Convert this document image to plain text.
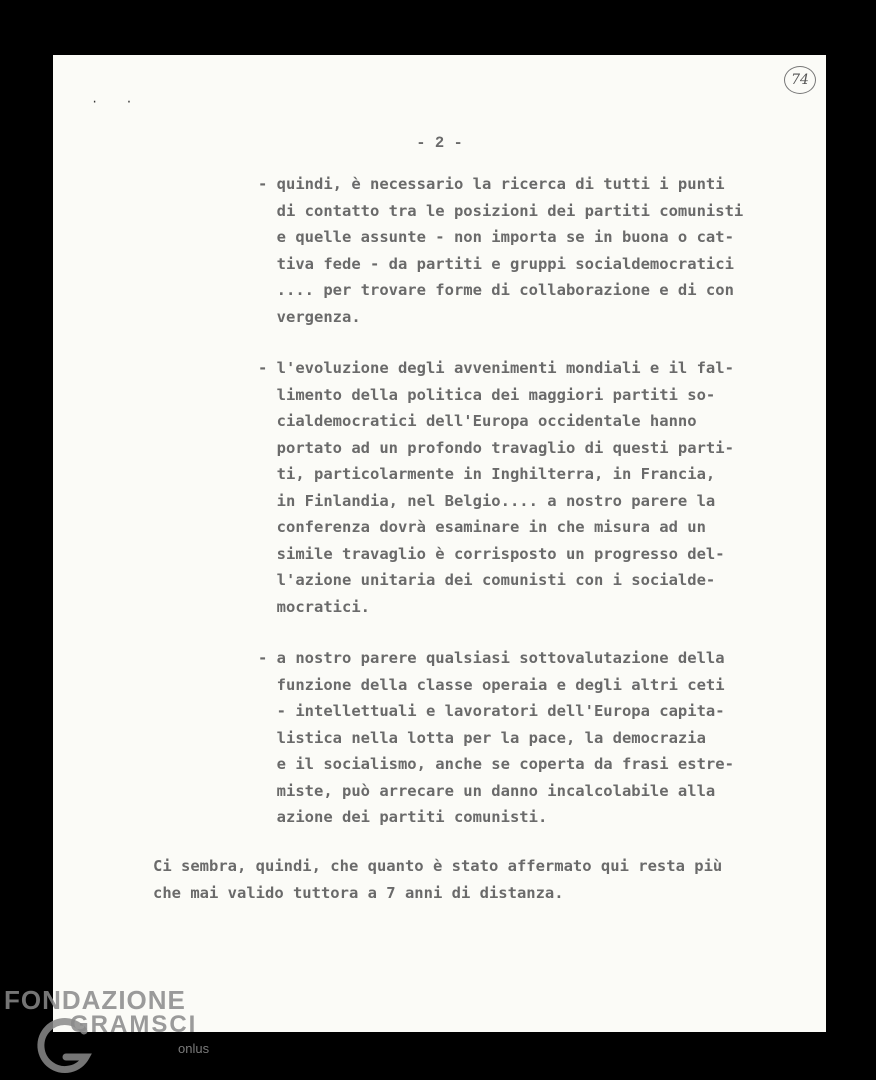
· ·
74
- 2 -
- quindi, è necessario la ricerca di tutti i punti
di contatto tra le posizioni dei partiti comunisti
e quelle assunte - non importa se in buona o cat-
tiva fede - da partiti e gruppi socialdemocratici
.... per trovare forme di collaborazione e di con
vergenza.
- l'evoluzione degli avvenimenti mondiali e il fal-
limento della politica dei maggiori partiti so-
cialdemocratici dell'Europa occidentale hanno
portato ad un profondo travaglio di questi parti-
ti, particolarmente in Inghilterra, in Francia,
in Finlandia, nel Belgio.... a nostro parere la
conferenza dovrà esaminare in che misura ad un
simile travaglio è corrisposto un progresso del-
l'azione unitaria dei comunisti con i socialde-
mocratici.
- a nostro parere qualsiasi sottovalutazione della
funzione della classe operaia e degli altri ceti
- intellettuali e lavoratori dell'Europa capita-
listica nella lotta per la pace, la democrazia
e il socialismo, anche se coperta da frasi estre-
miste, può arrecare un danno incalcolabile alla
azione dei partiti comunisti.
Ci sembra, quindi, che quanto è stato affermato qui resta più
che mai valido tuttora a 7 anni di distanza.
FONDAZIONE
GRAMSCI
onlus
